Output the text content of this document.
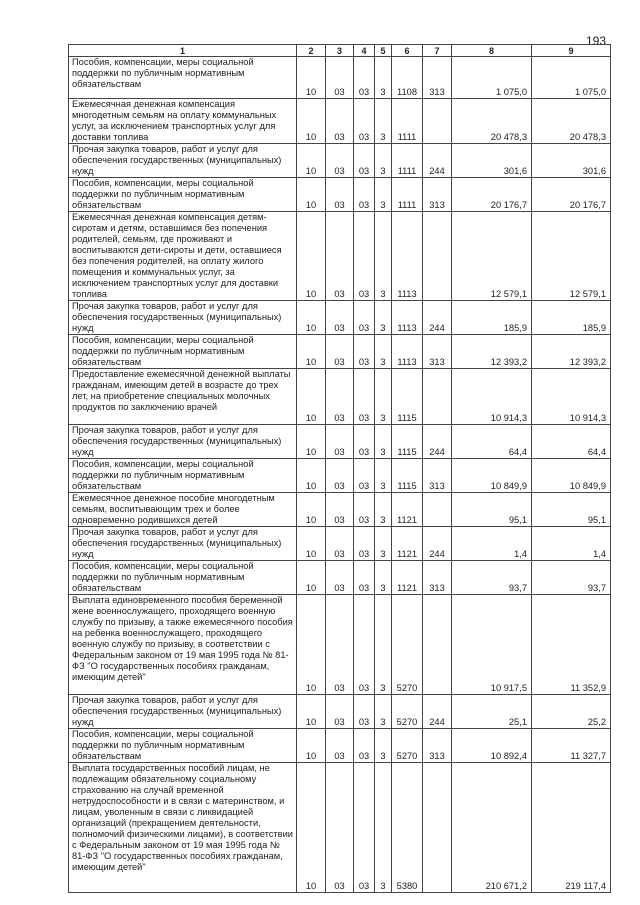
193
1	2	3	4	5	6	7	8	9
Пособия, компенсации, меры социальной поддержки по публичным нормативным обязательствам	10	03	03	3	1108	313	1 075,0	1 075,0
Ежемесячная денежная компенсация многодетным семьям на оплату коммунальных услуг, за исключением транспортных услуг для доставки топлива	10	03	03	3	1111		20 478,3	20 478,3
Прочая закупка товаров, работ и услуг для обеспечения государственных (муниципальных) нужд	10	03	03	3	1111	244	301,6	301,6
Пособия, компенсации, меры социальной поддержки по публичным нормативным обязательствам	10	03	03	3	1111	313	20 176,7	20 176,7
Ежемесячная денежная компенсация детям-сиротам и детям, оставшимся без попечения родителей, семьям, где проживают и воспитываются дети-сироты и дети, оставшиеся без попечения родителей, на оплату жилого помещения и коммунальных услуг, за исключением транспортных услуг для доставки топлива	10	03	03	3	1113		12 579,1	12 579,1
Прочая закупка товаров, работ и услуг для обеспечения государственных (муниципальных) нужд	10	03	03	3	1113	244	185,9	185,9
Пособия, компенсации, меры социальной поддержки по публичным нормативным обязательствам	10	03	03	3	1113	313	12 393,2	12 393,2
Предоставление ежемесячной денежной выплаты гражданам, имеющим детей в возрасте до трех лет, на приобретение специальных молочных продуктов по заключению врачей	10	03	03	3	1115		10 914,3	10 914,3
Прочая закупка товаров, работ и услуг для обеспечения государственных (муниципальных) нужд	10	03	03	3	1115	244	64,4	64,4
Пособия, компенсации, меры социальной поддержки по публичным нормативным обязательствам	10	03	03	3	1115	313	10 849,9	10 849,9
Ежемесячное денежное пособие многодетным семьям, воспитывающим трех и более одновременно родившихся детей	10	03	03	3	1121		95,1	95,1
Прочая закупка товаров, работ и услуг для обеспечения государственных (муниципальных) нужд	10	03	03	3	1121	244	1,4	1,4
Пособия, компенсации, меры социальной поддержки по публичным нормативным обязательствам	10	03	03	3	1121	313	93,7	93,7
Выплата единовременного пособия беременной жене военнослужащего, проходящего военную службу по призыву, а также ежемесячного пособия на ребенка военнослужащего, проходящего военную службу по призыву, в соответствии с Федеральным законом от 19 мая 1995 года № 81-ФЗ "О государственных пособиях гражданам, имеющим детей"	10	03	03	3	5270		10 917,5	11 352,9
Прочая закупка товаров, работ и услуг для обеспечения государственных (муниципальных) нужд	10	03	03	3	5270	244	25,1	25,2
Пособия, компенсации, меры социальной поддержки по публичным нормативным обязательствам	10	03	03	3	5270	313	10 892,4	11 327,7
Выплата государственных пособий лицам, не подлежащим обязательному социальному страхованию на случай временной нетрудоспособности и в связи с материнством, и лицам, уволенным в связи с ликвидацией организаций (прекращением деятельности, полномочий физическими лицами), в соответствии с Федеральным законом от 19 мая 1995 года № 81-ФЗ "О государственных пособиях гражданам, имеющим детей"	10	03	03	3	5380		210 671,2	219 117,4
